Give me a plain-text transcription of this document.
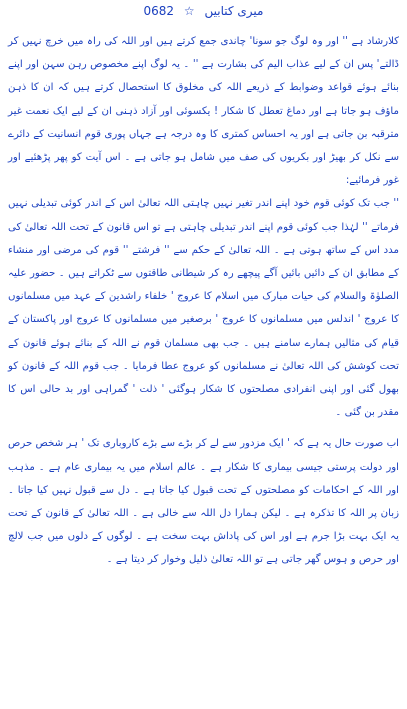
میری کتابیں ☆ 0682

کلارشاد ہے '' اور وہ لوگ جو سونا' چاندی جمع کرتے ہیں اور اللہ کی راہ میں خرچ نہیں کر ڈالتے' پس ان کے لیے عذاب الیم کی بشارت ہے '' ۔ یہ لوگ اپنے مخصوص رہن سہن اور اپنے بنائے ہوئے قواعد وضوابط کے ذریعے اللہ کی مخلوق کا استحصال کرتے ہیں کہ ان کا ذہن ماؤف ہو جاتا ہے اور دماغ تعطل کا شکار ! یکسوئی اور آزاد ذہنی ان کے لیے ایک نعمت غیر مترقبہ بن جاتی ہے اور یہ احساس کمتری کا وہ درجہ ہے جہاں پوری قوم انسانیت کے دائرے سے نکل کر بھیڑ اور بکریوں کی صف میں شامل ہو جاتی ہے ۔ اس آیت کو پھر پڑھئیے اور غور فرمائیے:

'' جب تک کوئی قوم خود اپنے اندر تغیر نہیں چاہتی اللہ تعالیٰ اس کے اندر کوئی تبدیلی نہیں فرماتے '' لہٰذا جب کوئی قوم اپنے اندر تبدیلی چاہتی ہے تو اس قانون کے تحت اللہ تعالیٰ کی مدد اس کے ساتھ ہوتی ہے ۔ اللہ تعالیٰ کے حکم سے '' فرشتے '' قوم کی مرضی اور منشاء کے مطابق ان کے دائیں بائیں آگے پیچھے رہ کر شیطانی طاقتوں سے ٹکراتے ہیں ۔ حضور علیہ الصلوٰۃ والسلام کی حیات مبارک میں اسلام کا عروج ' خلفاء راشدین کے عہد میں مسلمانوں کا عروج ' اندلس میں مسلمانوں کا عروج ' برصغیر میں مسلمانوں کا عروج اور پاکستان کے قیام کی مثالیں ہمارے سامنے ہیں ۔ جب بھی مسلمان قوم نے اللہ کے بنائے ہوئے قانون کے تحت کوشش کی اللہ تعالیٰ نے مسلمانوں کو عروج عطا فرمایا ۔ جب قوم اللہ کے قانون کو بھول گئی اور اپنی انفرادی مصلحتوں کا شکار ہوگئی ' ذلت ' گمراہی اور بد حالی اس کا مقدر بن گئی ۔

اب صورت حال یہ ہے کہ ' ایک مزدور سے لے کر بڑے سے بڑے کاروباری تک ' ہر شخص حرص اور دولت پرستی جیسی بیماری کا شکار ہے ۔ عالم اسلام میں یہ بیماری عام ہے ۔ مذہب اور اللہ کے احکامات کو مصلحتوں کے تحت قبول کیا جاتا ہے ۔ دل سے قبول نہیں کیا جاتا ۔ زبان پر اللہ کا تذکرہ ہے ۔ لیکن ہمارا دل اللہ سے خالی ہے ۔ اللہ تعالیٰ کے قانون کے تحت یہ ایک بہت بڑا جرم ہے اور اس کی پاداش بہت سخت ہے ۔ لوگوں کے دلوں میں جب لالچ اور حرص و ہوس گھر جاتی ہے تو اللہ تعالیٰ ذلیل وخوار کر دیتا ہے ۔
